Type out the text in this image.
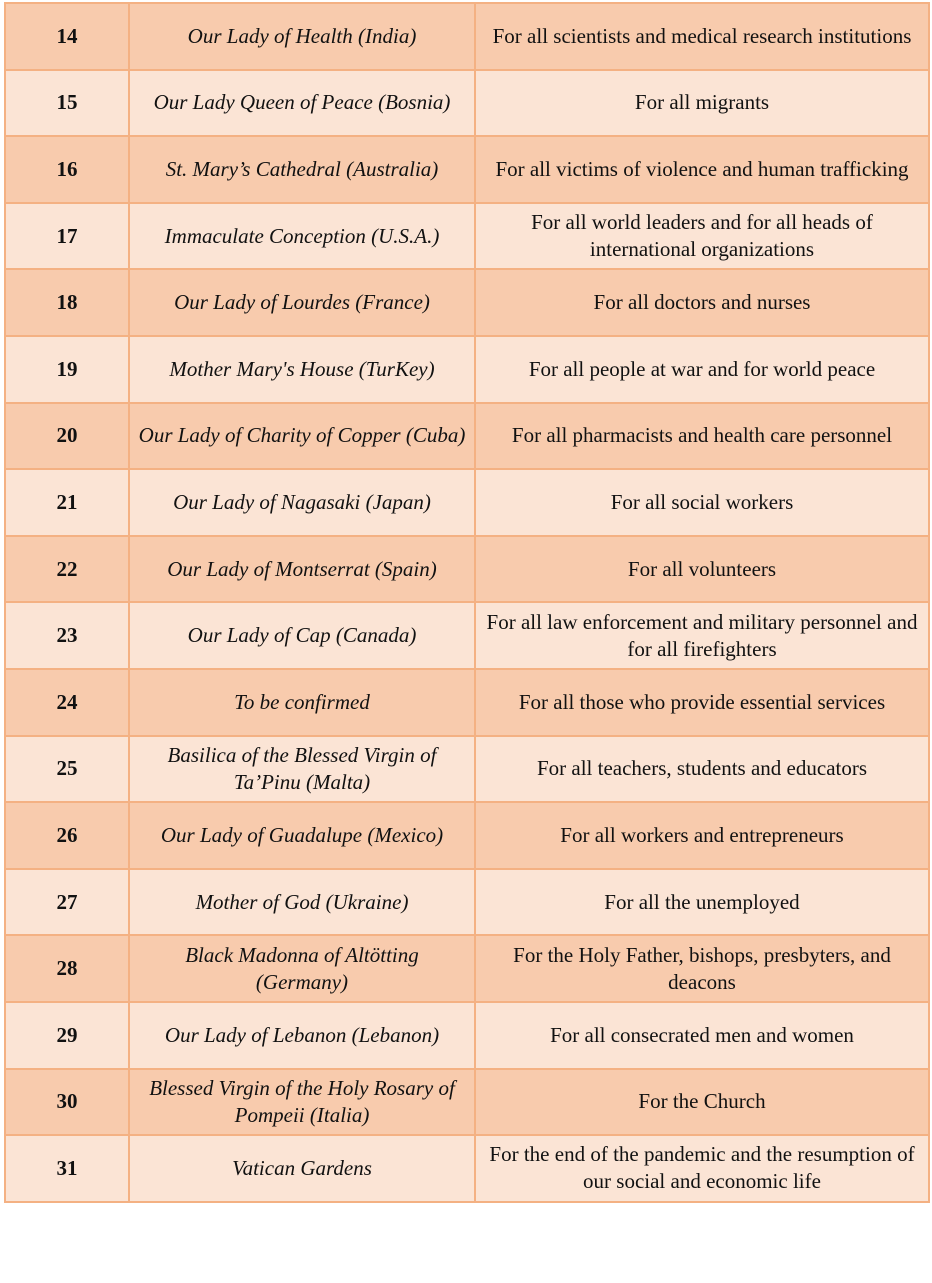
14	Our Lady of Health (India)	For all scientists and medical research institutions
15	Our Lady Queen of Peace (Bosnia)	For all migrants
16	St. Mary’s Cathedral (Australia)	For all victims of violence and human trafficking
17	Immaculate Conception (U.S.A.)	For all world leaders and for all heads of international organizations
18	Our Lady of Lourdes (France)	For all doctors and nurses
19	Mother Mary's House (TurKey)	For all people at war and for world peace
20	Our Lady of Charity of Copper (Cuba)	For all pharmacists and health care personnel
21	Our Lady of Nagasaki (Japan)	For all social workers
22	Our Lady of Montserrat (Spain)	For all volunteers
23	Our Lady of Cap (Canada)	For all law enforcement and military personnel and for all firefighters
24	To be confirmed	For all those who provide essential services
25	Basilica of the Blessed Virgin of Ta’Pinu (Malta)	For all teachers, students and educators
26	Our Lady of Guadalupe (Mexico)	For all workers and entrepreneurs
27	Mother of God (Ukraine)	For all the unemployed
28	Black Madonna of Altötting (Germany)	For the Holy Father, bishops, presbyters, and deacons
29	Our Lady of Lebanon (Lebanon)	For all consecrated men and women
30	Blessed Virgin of the Holy Rosary of Pompeii (Italia)	For the Church
31	Vatican Gardens	For the end of the pandemic and the resumption of our social and economic life
